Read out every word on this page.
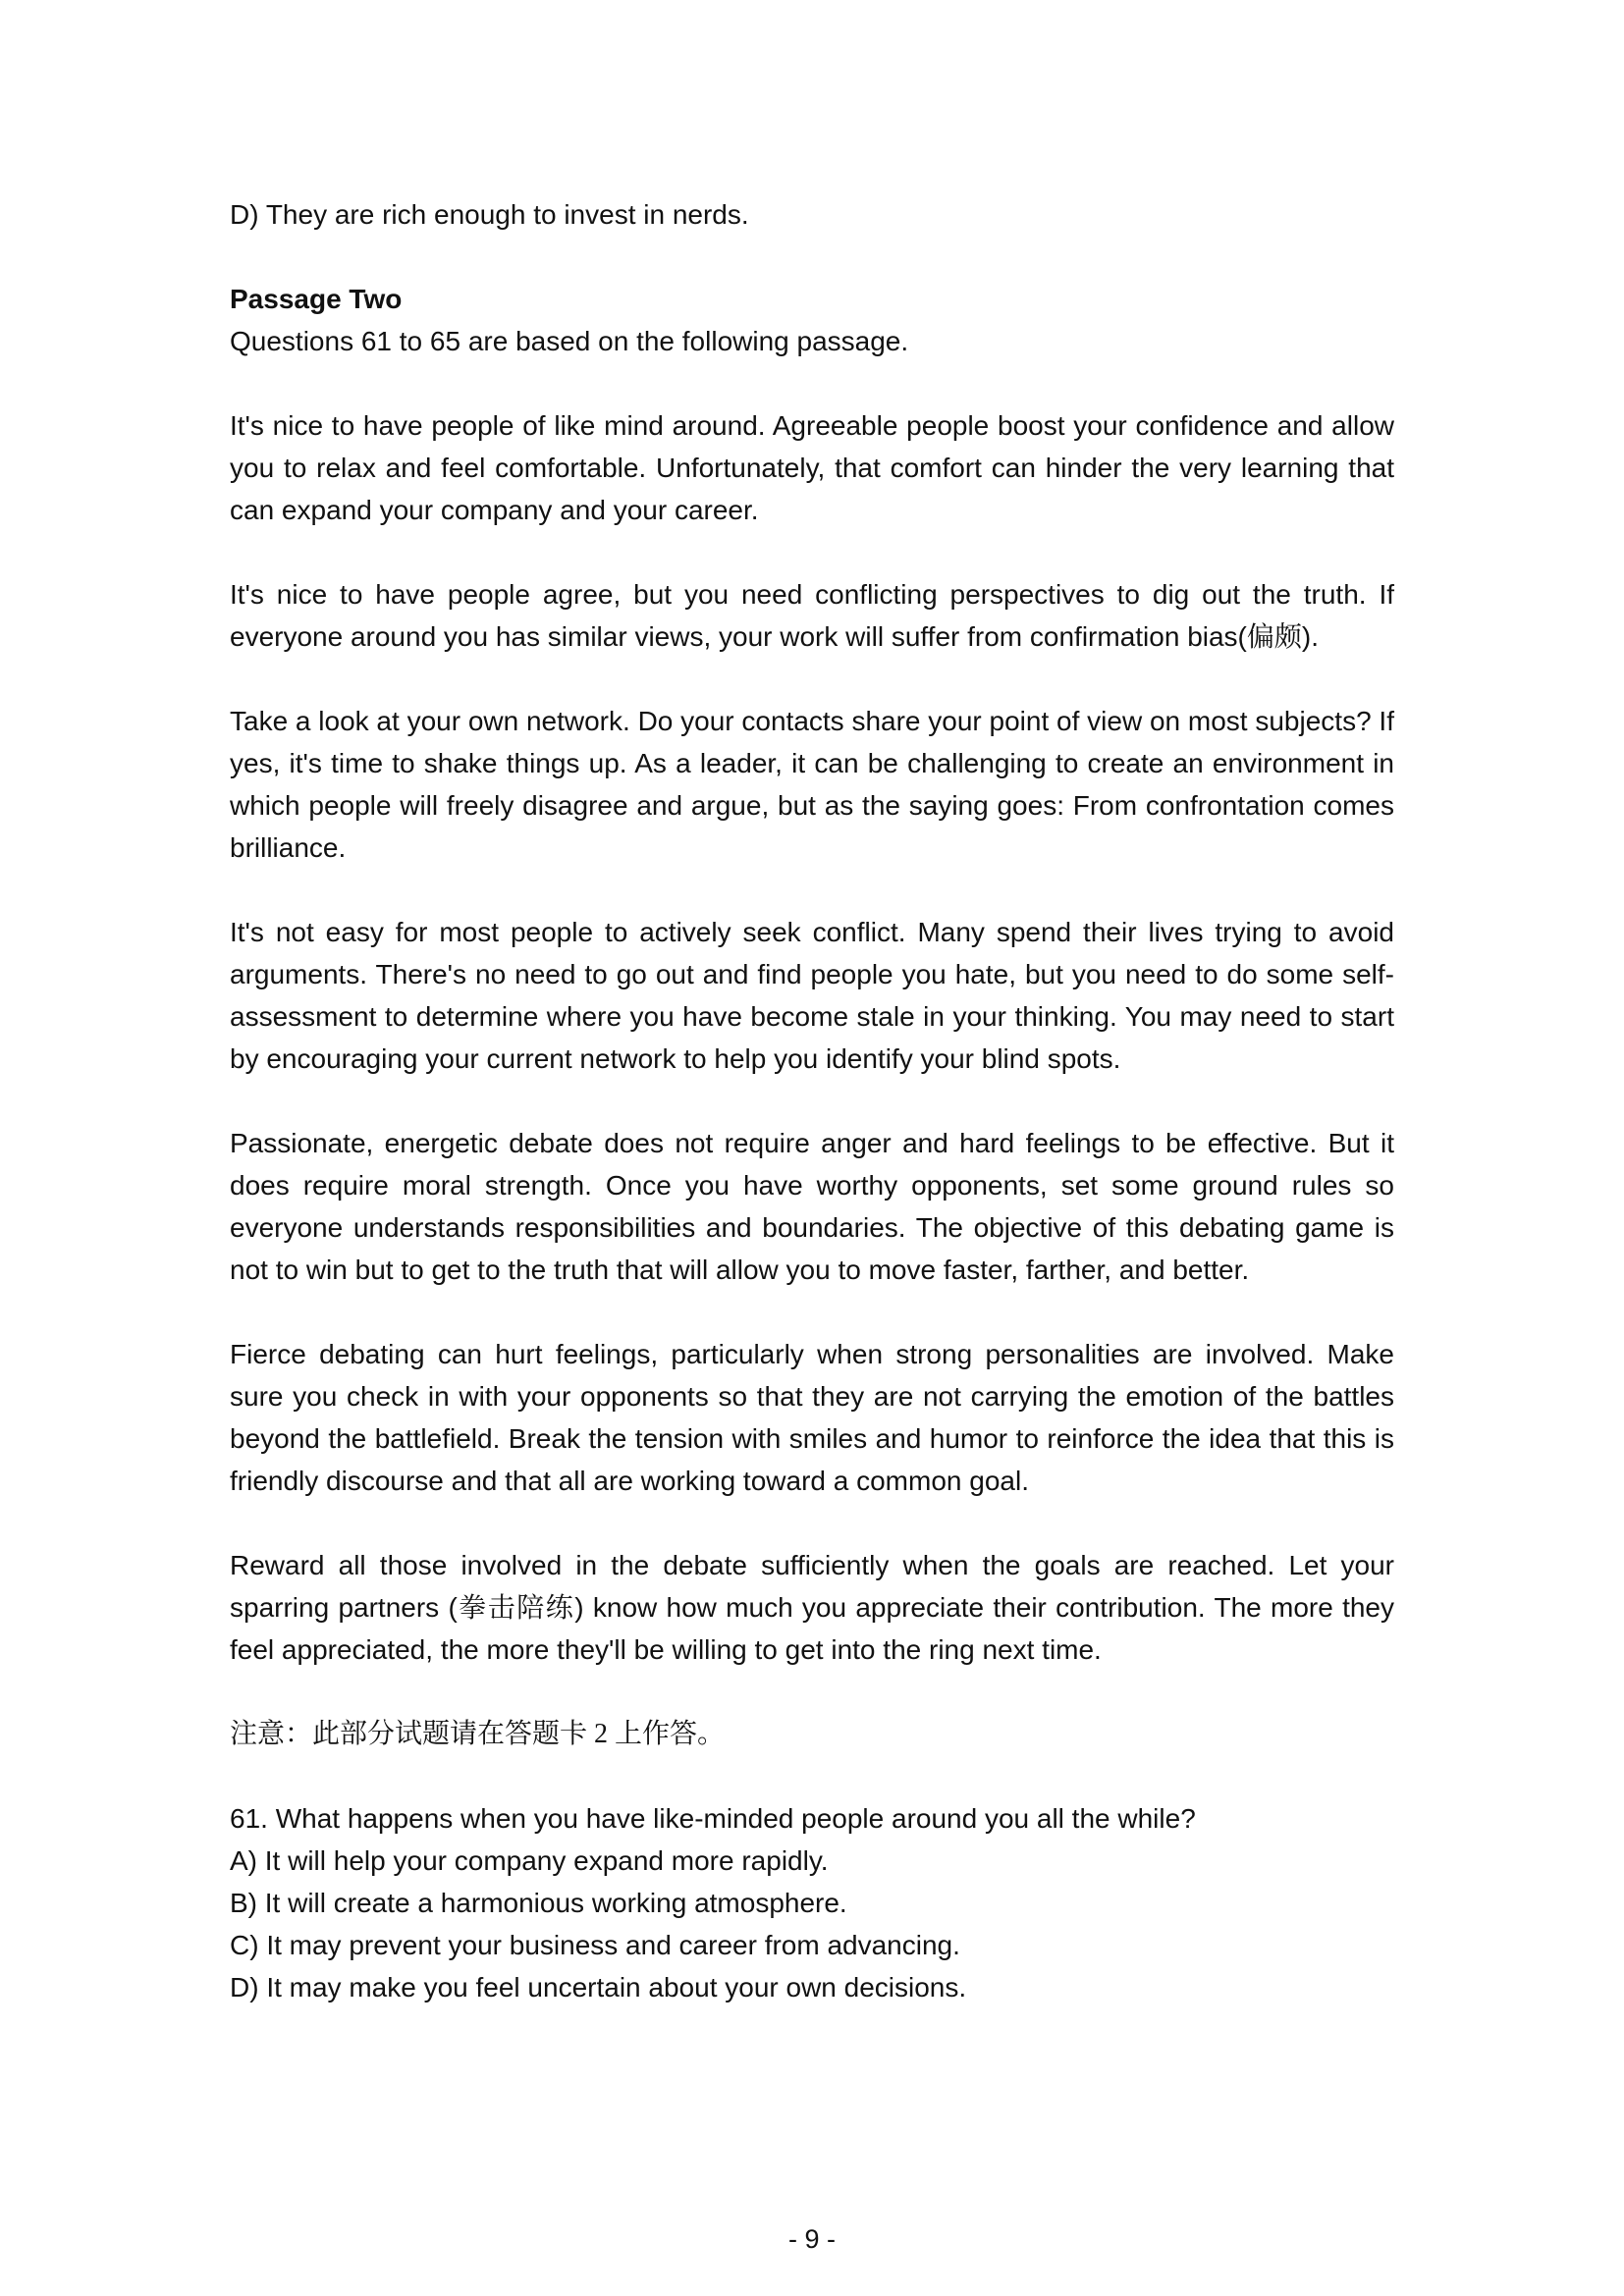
D) They are rich enough to invest in nerds.

Passage Two

Questions 61 to 65 are based on the following passage.

It's nice to have people of like mind around. Agreeable people boost your confidence and allow you to relax and feel comfortable. Unfortunately, that comfort can hinder the very learning that can expand your company and your career.

It's nice to have people agree, but you need conflicting perspectives to dig out the truth. If everyone around you has similar views, your work will suffer from confirmation bias(偏颇).

Take a look at your own network. Do your contacts share your point of view on most subjects? If yes, it's time to shake things up. As a leader, it can be challenging to create an environment in which people will freely disagree and argue, but as the saying goes: From confrontation comes brilliance.

It's not easy for most people to actively seek conflict. Many spend their lives trying to avoid arguments. There's no need to go out and find people you hate, but you need to do some self-assessment to determine where you have become stale in your thinking. You may need to start by encouraging your current network to help you identify your blind spots.

Passionate, energetic debate does not require anger and hard feelings to be effective. But it does require moral strength. Once you have worthy opponents, set some ground rules so everyone understands responsibilities and boundaries. The objective of this debating game is not to win but to get to the truth that will allow you to move faster, farther, and better.

Fierce debating can hurt feelings, particularly when strong personalities are involved. Make sure you check in with your opponents so that they are not carrying the emotion of the battles beyond the battlefield. Break the tension with smiles and humor to reinforce the idea that this is friendly discourse and that all are working toward a common goal.

Reward all those involved in the debate sufficiently when the goals are reached. Let your sparring partners (拳击陪练) know how much you appreciate their contribution. The more they feel appreciated, the more they'll be willing to get into the ring next time.

注意：此部分试题请在答题卡 2 上作答。

61. What happens when you have like-minded people around you all the while?

A) It will help your company expand more rapidly.

B) It will create a harmonious working atmosphere.

C) It may prevent your business and career from advancing.

D) It may make you feel uncertain about your own decisions.

- 9 -
